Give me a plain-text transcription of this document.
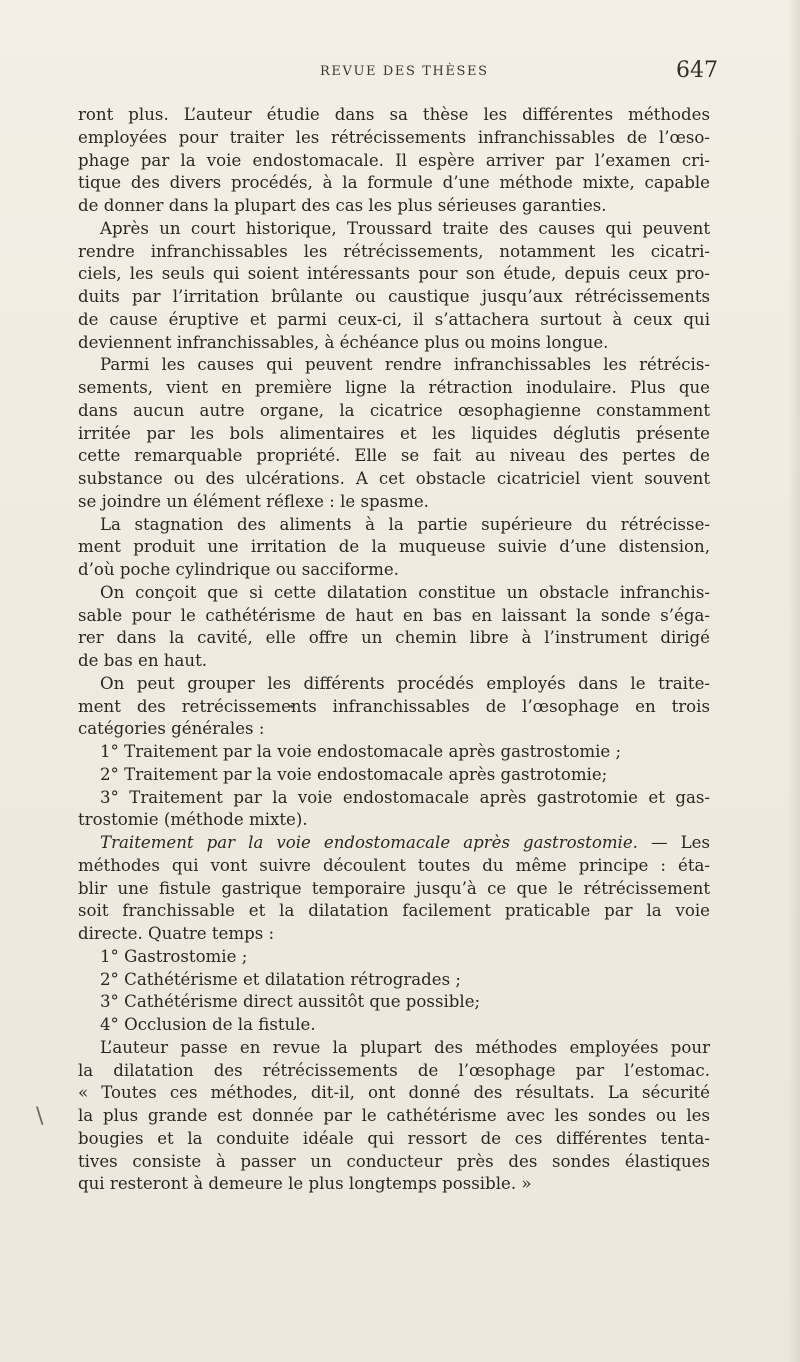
REVUE DES THÈSES	647
\
ront plus. L’auteur étudie dans sa thèse les différentes méthodes
employées pour traiter les rétrécissements infranchissables de l’œso-
phage par la voie endostomacale. Il espère arriver par l’examen cri-
tique des divers procédés, à la formule d’une méthode mixte, capable
de donner dans la plupart des cas les plus sérieuses garanties.
Après un court historique, Troussard traite des causes qui peuvent
rendre infranchissables les rétrécissements, notamment les cicatri-
ciels, les seuls qui soient intéressants pour son étude, depuis ceux pro-
duits par l’irritation brûlante ou caustique jusqu’aux rétrécissements
de cause éruptive et parmi ceux-ci, il s’attachera surtout à ceux qui
deviennent infranchissables, à échéance plus ou moins longue.
Parmi les causes qui peuvent rendre infranchissables les rétrécis-
sements, vient en première ligne la rétraction inodulaire. Plus que
dans aucun autre organe, la cicatrice œsophagienne constamment
irritée par les bols alimentaires et les liquides déglutis présente
cette remarquable propriété. Elle se fait au niveau des pertes de
substance ou des ulcérations. A cet obstacle cicatriciel vient souvent
se joindre un élément réflexe : le spasme.
La stagnation des aliments à la partie supérieure du rétrécisse-
ment produit une irritation de la muqueuse suivie d’une distension,
d’où poche cylindrique ou sacciforme.
On conçoit que si cette dilatation constitue un obstacle infranchis-
sable pour le cathétérisme de haut en bas en laissant la sonde s’éga-
rer dans la cavité, elle offre un chemin libre à l’instrument dirigé
de bas en haut.
On peut grouper les différents procédés employés dans le traite-
ment des retrécissements infranchissables de l’œsophage en trois
catégories générales :
1° Traitement par la voie endostomacale après gastrostomie ;
2° Traitement par la voie endostomacale après gastrotomie;
3° Traitement par la voie endostomacale après gastrotomie et gas-
trostomie (méthode mixte).
Traitement par la voie endostomacale après gastrostomie. — Les
méthodes qui vont suivre découlent toutes du même principe : éta-
blir une fistule gastrique temporaire jusqu’à ce que le rétrécissement
soit franchissable et la dilatation facilement praticable par la voie
directe. Quatre temps :
1° Gastrostomie ;
2° Cathétérisme et dilatation rétrogrades ;
3° Cathétérisme direct aussitôt que possible;
4° Occlusion de la fistule.
L’auteur passe en revue la plupart des méthodes employées pour
la dilatation des rétrécissements de l’œsophage par l’estomac.
« Toutes ces méthodes, dit-il, ont donné des résultats. La sécurité
la plus grande est donnée par le cathétérisme avec les sondes ou les
bougies et la conduite idéale qui ressort de ces différentes tenta-
tives consiste à passer un conducteur près des sondes élastiques
qui resteront à demeure le plus longtemps possible. »
